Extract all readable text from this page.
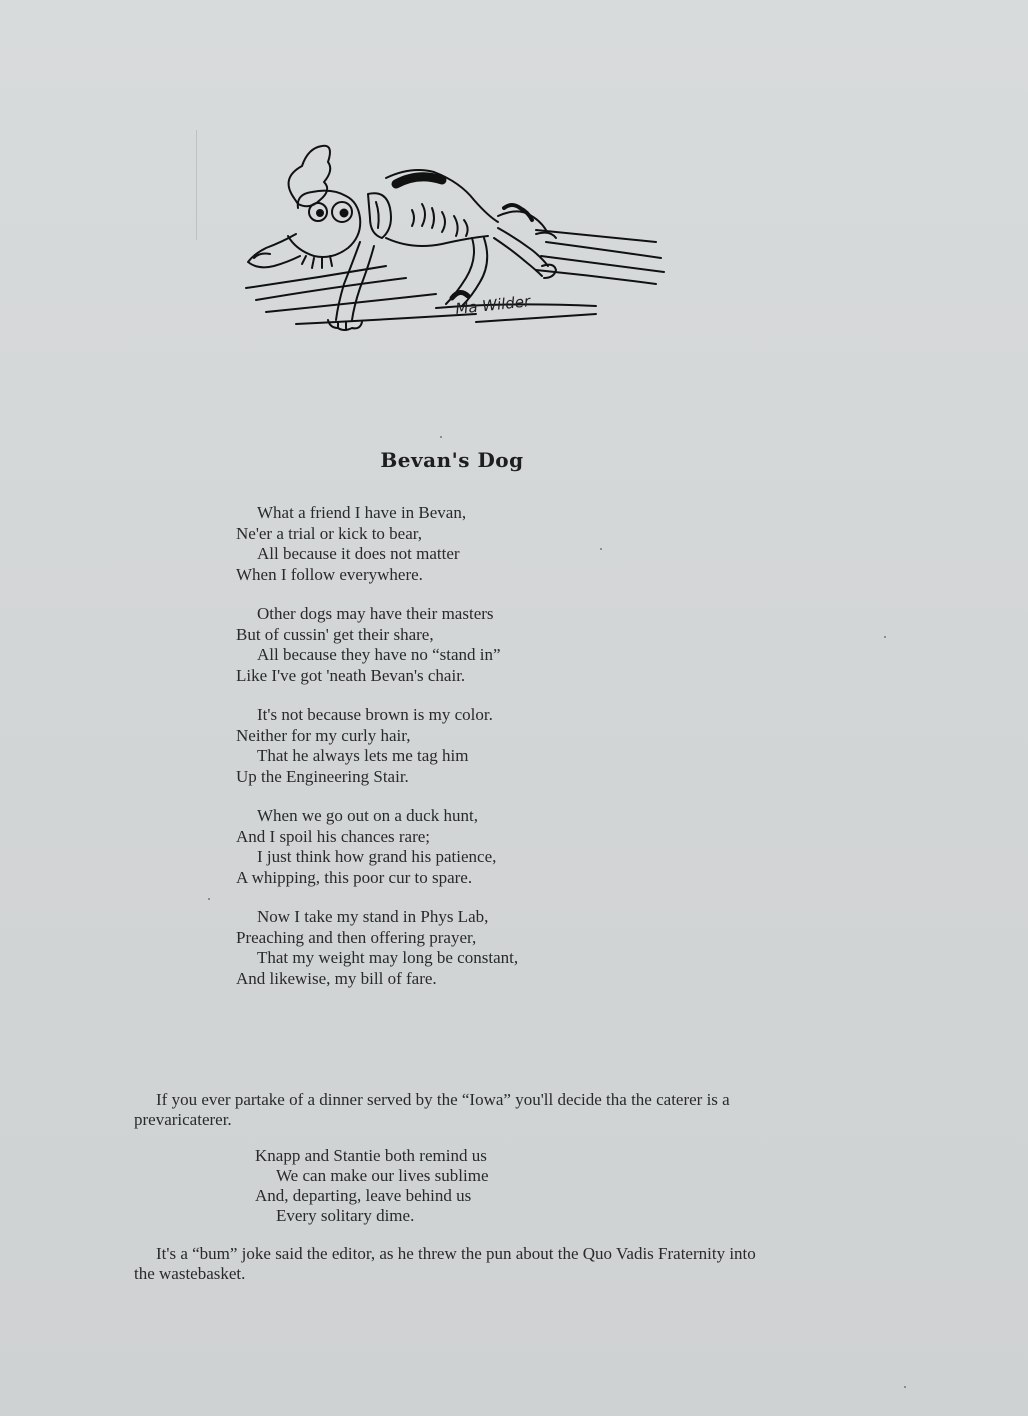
Ma Wilder
Bevan's Dog
What a friend I have in Bevan,
Ne'er a trial or kick to bear,
All because it does not matter
When I follow everywhere.
Other dogs may have their masters
But of cussin' get their share,
All because they have no “stand in”
Like I've got 'neath Bevan's chair.
It's not because brown is my color.
Neither for my curly hair,
That he always lets me tag him
Up the Engineering Stair.
When we go out on a duck hunt,
And I spoil his chances rare;
I just think how grand his patience,
A whipping, this poor cur to spare.
Now I take my stand in Phys Lab,
Preaching and then offering prayer,
That my weight may long be constant,
And likewise, my bill of fare.

If you ever partake of a dinner served by the “Iowa” you'll decide tha the caterer is a prevaricaterer.

Knapp and Stantie both remind us
We can make our lives sublime
And, departing, leave behind us
Every solitary dime.

It's a “bum” joke said the editor, as he threw the pun about the Quo Vadis Fraternity into the wastebasket.
